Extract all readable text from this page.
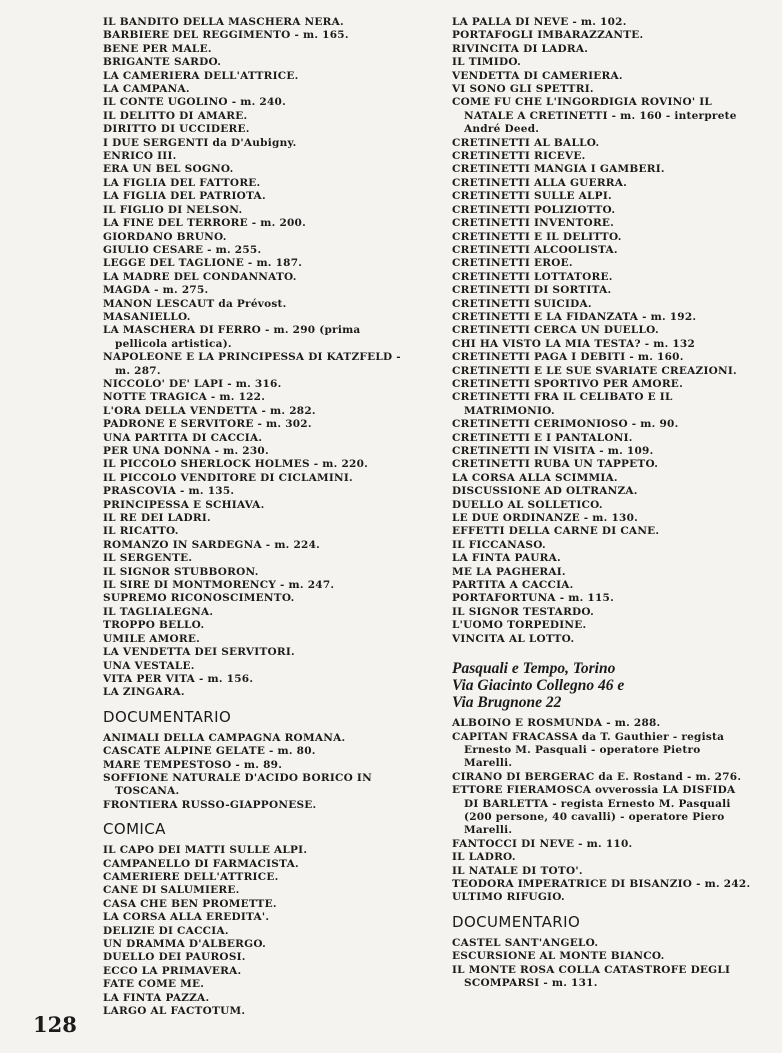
IL BANDITO DELLA MASCHERA NERA.
BARBIERE DEL REGGIMENTO - m. 165.
BENE PER MALE.
BRIGANTE SARDO.
LA CAMERIERA DELL'ATTRICE.
LA CAMPANA.
IL CONTE UGOLINO - m. 240.
IL DELITTO DI AMARE.
DIRITTO DI UCCIDERE.
I DUE SERGENTI da D'Aubigny.
ENRICO III.
ERA UN BEL SOGNO.
LA FIGLIA DEL FATTORE.
LA FIGLIA DEL PATRIOTA.
IL FIGLIO DI NELSON.
LA FINE DEL TERRORE - m. 200.
GIORDANO BRUNO.
GIULIO CESARE - m. 255.
LEGGE DEL TAGLIONE - m. 187.
LA MADRE DEL CONDANNATO.
MAGDA - m. 275.
MANON LESCAUT da Prévost.
MASANIELLO.
LA MASCHERA DI FERRO - m. 290 (prima pellicola artistica).
NAPOLEONE E LA PRINCIPESSA DI KATZFELD - m. 287.
NICCOLO' DE' LAPI - m. 316.
NOTTE TRAGICA - m. 122.
L'ORA DELLA VENDETTA - m. 282.
PADRONE E SERVITORE - m. 302.
UNA PARTITA DI CACCIA.
PER UNA DONNA - m. 230.
IL PICCOLO SHERLOCK HOLMES - m. 220.
IL PICCOLO VENDITORE DI CICLAMINI.
PRASCOVIA - m. 135.
PRINCIPESSA E SCHIAVA.
IL RE DEI LADRI.
IL RICATTO.
ROMANZO IN SARDEGNA - m. 224.
IL SERGENTE.
IL SIGNOR STUBBORON.
IL SIRE DI MONTMORENCY - m. 247.
SUPREMO RICONOSCIMENTO.
IL TAGLIALEGNA.
TROPPO BELLO.
UMILE AMORE.
LA VENDETTA DEI SERVITORI.
UNA VESTALE.
VITA PER VITA - m. 156.
LA ZINGARA.
DOCUMENTARIO
ANIMALI DELLA CAMPAGNA ROMANA.
CASCATE ALPINE GELATE - m. 80.
MARE TEMPESTOSO - m. 89.
SOFFIONE NATURALE D'ACIDO BORICO IN TOSCANA.
FRONTIERA RUSSO-GIAPPONESE.
COMICA
IL CAPO DEI MATTI SULLE ALPI.
CAMPANELLO DI FARMACISTA.
CAMERIERE DELL'ATTRICE.
CANE DI SALUMIERE.
CASA CHE BEN PROMETTE.
LA CORSA ALLA EREDITA'.
DELIZIE DI CACCIA.
UN DRAMMA D'ALBERGO.
DUELLO DEI PAUROSI.
ECCO LA PRIMAVERA.
FATE COME ME.
LA FINTA PAZZA.
LARGO AL FACTOTUM.
LA PALLA DI NEVE - m. 102.
PORTAFOGLI IMBARAZZANTE.
RIVINCITA DI LADRA.
IL TIMIDO.
VENDETTA DI CAMERIERA.
VI SONO GLI SPETTRI.
COME FU CHE L'INGORDIGIA ROVINO' IL NATALE A CRETINETTI - m. 160 - interprete André Deed.
CRETINETTI AL BALLO.
CRETINETTI RICEVE.
CRETINETTI MANGIA I GAMBERI.
CRETINETTI ALLA GUERRA.
CRETINETTI SULLE ALPI.
CRETINETTI POLIZIOTTO.
CRETINETTI INVENTORE.
CRETINETTI E IL DELITTO.
CRETINETTI ALCOOLISTA.
CRETINETTI EROE.
CRETINETTI LOTTATORE.
CRETINETTI DI SORTITA.
CRETINETTI SUICIDA.
CRETINETTI E LA FIDANZATA - m. 192.
CRETINETTI CERCA UN DUELLO.
CHI HA VISTO LA MIA TESTA? - m. 132
CRETINETTI PAGA I DEBITI - m. 160.
CRETINETTI E LE SUE SVARIATE CREAZIONI.
CRETINETTI SPORTIVO PER AMORE.
CRETINETTI FRA IL CELIBATO E IL MATRIMONIO.
CRETINETTI CERIMONIOSO - m. 90.
CRETINETTI E I PANTALONI.
CRETINETTI IN VISITA - m. 109.
CRETINETTI RUBA UN TAPPETO.
LA CORSA ALLA SCIMMIA.
DISCUSSIONE AD OLTRANZA.
DUELLO AL SOLLETICO.
LE DUE ORDINANZE - m. 130.
EFFETTI DELLA CARNE DI CANE.
IL FICCANASO.
LA FINTA PAURA.
ME LA PAGHERAI.
PARTITA A CACCIA.
PORTAFORTUNA - m. 115.
IL SIGNOR TESTARDO.
L'UOMO TORPEDINE.
VINCITA AL LOTTO.
Pasquali e Tempo, Torino
Via Giacinto Collegno 46 e
Via Brugnone 22
ALBOINO E ROSMUNDA - m. 288.
CAPITAN FRACASSA da T. Gauthier - regista Ernesto M. Pasquali - operatore Pietro Marelli.
CIRANO DI BERGERAC da E. Rostand - m. 276.
ETTORE FIERAMOSCA ovverossia LA DISFIDA DI BARLETTA - regista Ernesto M. Pasquali (200 persone, 40 cavalli) - operatore Piero Marelli.
FANTOCCI DI NEVE - m. 110.
IL LADRO.
IL NATALE DI TOTO'.
TEODORA IMPERATRICE DI BISANZIO - m. 242.
ULTIMO RIFUGIO.
DOCUMENTARIO
CASTEL SANT'ANGELO.
ESCURSIONE AL MONTE BIANCO.
IL MONTE ROSA COLLA CATASTROFE DEGLI SCOMPARSI - m. 131.
128
